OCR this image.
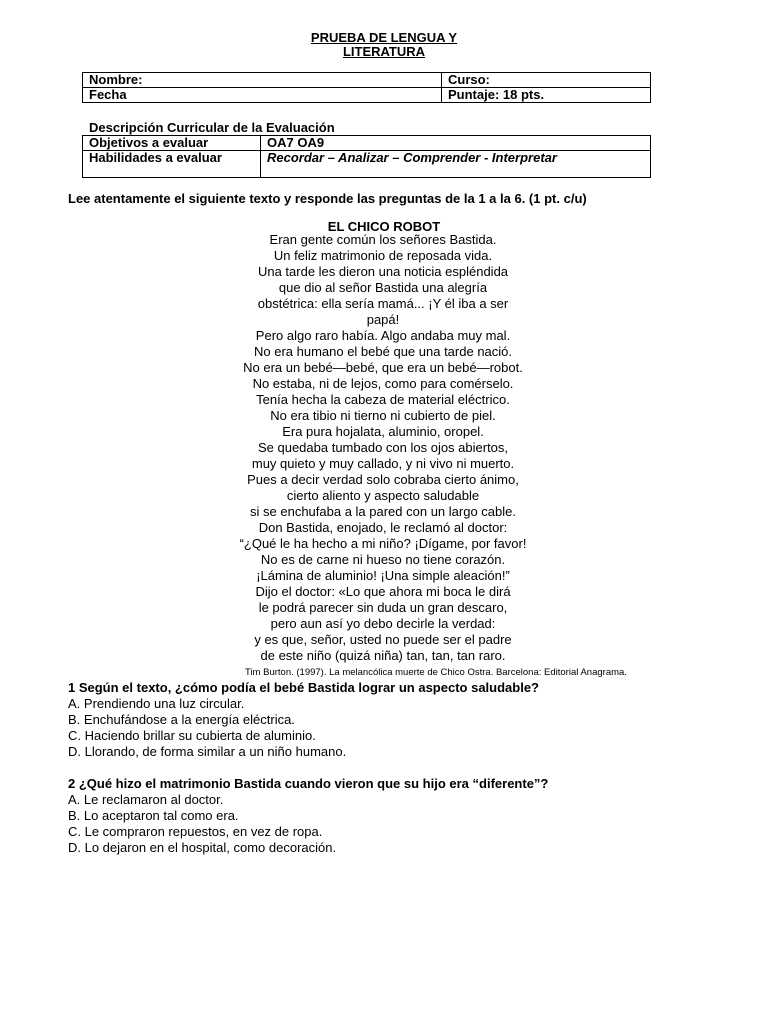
PRUEBA DE LENGUA Y
LITERATURA
Nombre:	Curso:
Fecha	Puntaje: 18 pts.
Descripción Curricular de la Evaluación
Objetivos a evaluar	OA7 OA9
Habilidades a evaluar	Recordar – Analizar – Comprender - Interpretar
Lee atentamente el siguiente texto y responde las preguntas de la 1 a la 6. (1 pt. c/u)
EL CHICO ROBOT
Eran gente común los señores Bastida.
Un feliz matrimonio de reposada vida.
Una tarde les dieron una noticia espléndida
que dio al señor Bastida una alegría
obstétrica: ella sería mamá... ¡Y él iba a ser
papá!
Pero algo raro había. Algo andaba muy mal.
No era humano el bebé que una tarde nació.
No era un bebé—bebé, que era un bebé—robot.
No estaba, ni de lejos, como para comérselo.
Tenía hecha la cabeza de material eléctrico.
No era tibio ni tierno ni cubierto de piel.
Era pura hojalata, aluminio, oropel.
Se quedaba tumbado con los ojos abiertos,
muy quieto y muy callado, y ni vivo ni muerto.
Pues a decir verdad solo cobraba cierto ánimo,
cierto aliento y aspecto saludable
si se enchufaba a la pared con un largo cable.
Don Bastida, enojado, le reclamó al doctor:
“¿Qué le ha hecho a mi niño? ¡Dígame, por favor!
No es de carne ni hueso no tiene corazón.
¡Lámina de aluminio! ¡Una simple aleación!”
Dijo el doctor: «Lo que ahora mi boca le dirá
le podrá parecer sin duda un gran descaro,
pero aun así yo debo decirle la verdad:
y es que, señor, usted no puede ser el padre
de este niño (quizá niña) tan, tan, tan raro.
Tim Burton. (1997). La melancólica muerte de Chico Ostra. Barcelona: Editorial Anagrama.
1 Según el texto, ¿cómo podía el bebé Bastida lograr un aspecto saludable?
A. Prendiendo una luz circular.
B. Enchufándose a la energía eléctrica.
C. Haciendo brillar su cubierta de aluminio.
D. Llorando, de forma similar a un niño humano.
2 ¿Qué hizo el matrimonio Bastida cuando vieron que su hijo era “diferente”?
A. Le reclamaron al doctor.
B. Lo aceptaron tal como era.
C. Le compraron repuestos, en vez de ropa.
D. Lo dejaron en el hospital, como decoración.
